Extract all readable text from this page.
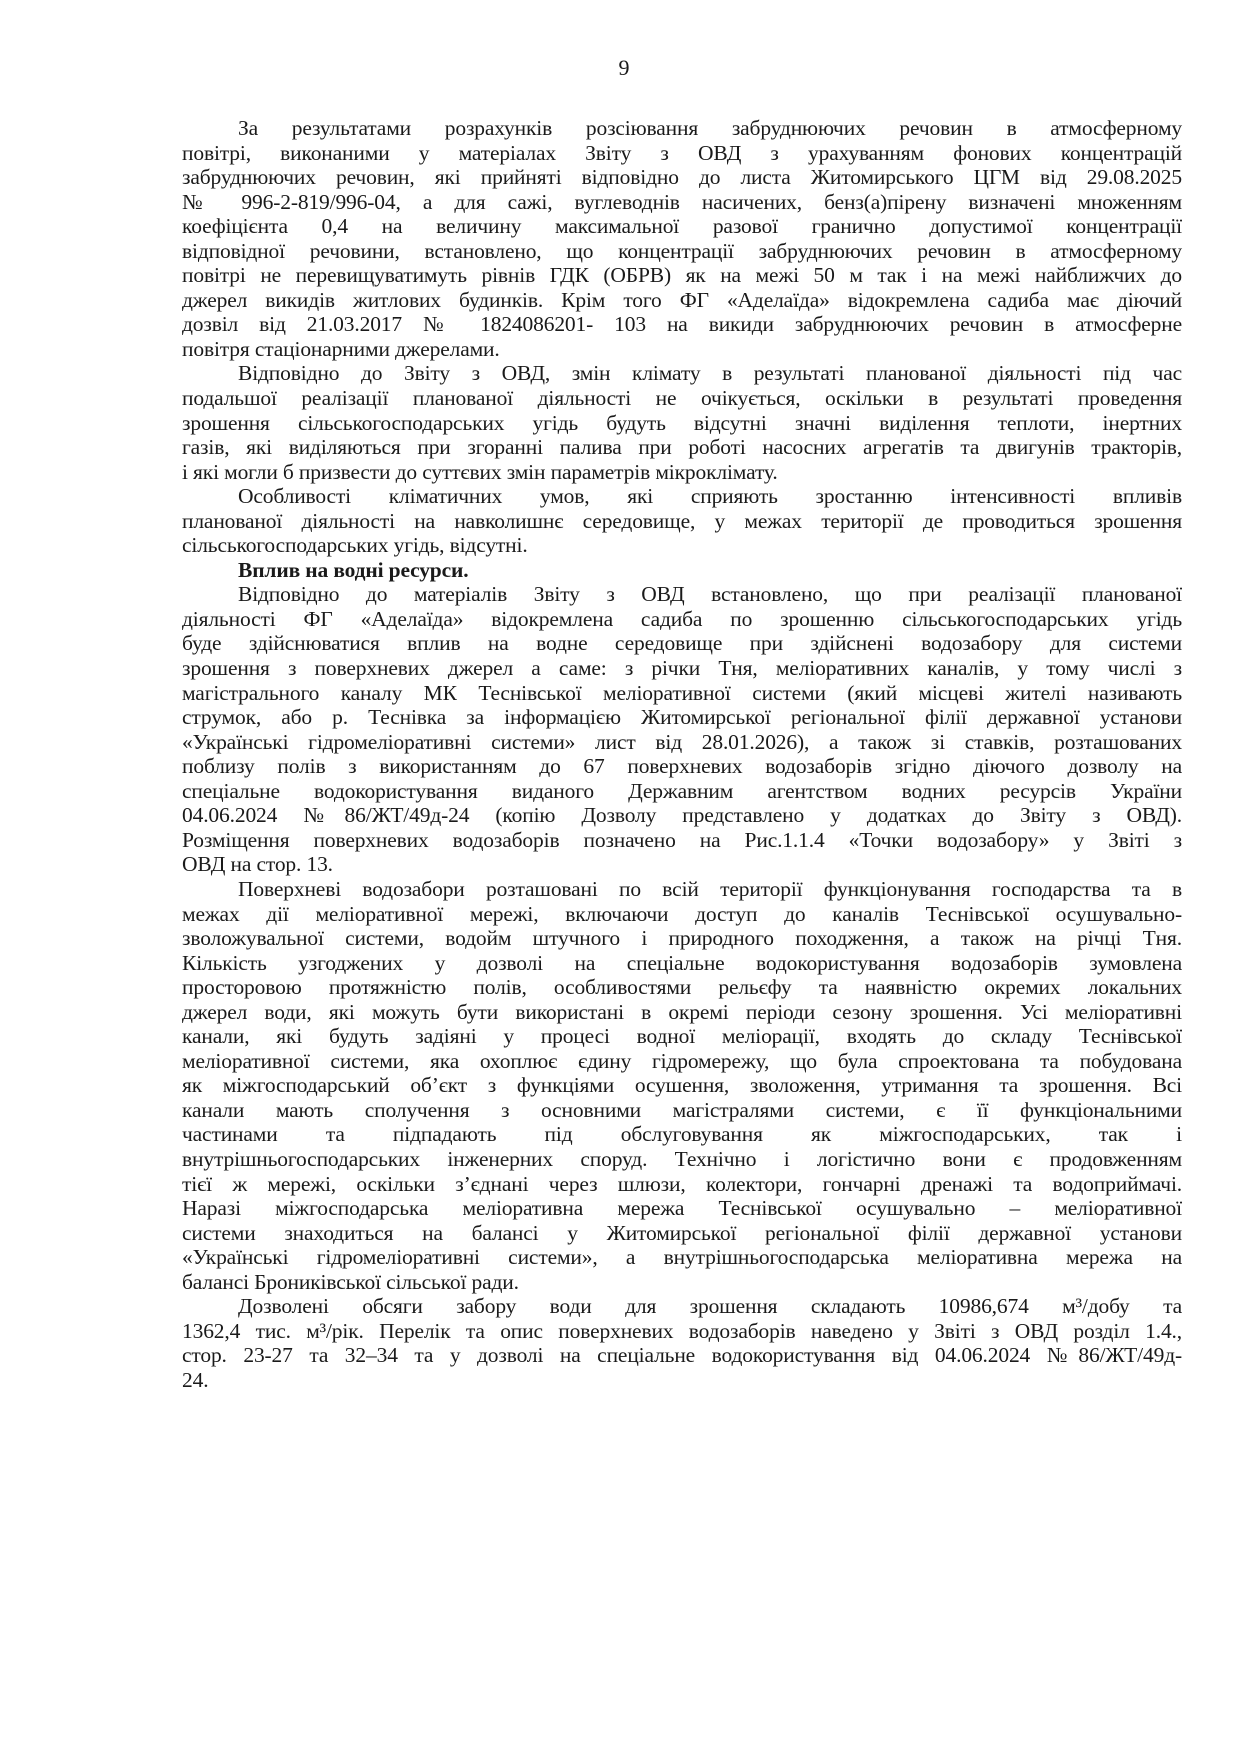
9
За результатами розрахунків розсіювання забруднюючих речовин в атмосферному
повітрі, виконаними у матеріалах Звіту з ОВД з урахуванням фонових концентрацій
забруднюючих речовин, які прийняті відповідно до листа Житомирського ЦГМ від 29.08.2025
№ 996-2-819/996-04, а для сажі, вуглеводнів насичених, бенз(а)пірену визначені множенням
коефіцієнта 0,4 на величину максимальної разової гранично допустимої концентрації
відповідної речовини, встановлено, що концентрації забруднюючих речовин в атмосферному
повітрі не перевищуватимуть рівнів ГДК (ОБРВ) як на межі 50 м так і на межі найближчих до
джерел викидів житлових будинків. Крім того ФГ «Аделаїда» відокремлена садиба має діючий
дозвіл від 21.03.2017 № 1824086201- 103 на викиди забруднюючих речовин в атмосферне
повітря стаціонарними джерелами.
Відповідно до Звіту з ОВД, змін клімату в результаті планованої діяльності під час
подальшої реалізації планованої діяльності не очікується, оскільки в результаті проведення
зрошення сільськогосподарських угідь будуть відсутні значні виділення теплоти, інертних
газів, які виділяються при згоранні палива при роботі насосних агрегатів та двигунів тракторів,
і які могли б призвести до суттєвих змін параметрів мікроклімату.
Особливості кліматичних умов, які сприяють зростанню інтенсивності впливів
планованої діяльності на навколишнє середовище, у межах території де проводиться зрошення
сільськогосподарських угідь, відсутні.
Вплив на водні ресурси.
Відповідно до матеріалів Звіту з ОВД встановлено, що при реалізації планованої
діяльності ФГ «Аделаїда» відокремлена садиба по зрошенню сільськогосподарських угідь
буде здійснюватися вплив на водне середовище при здійснені водозабору для системи
зрошення з поверхневих джерел а саме: з річки Тня, меліоративних каналів, у тому числі з
магістрального каналу МК Теснівської меліоративної системи (який місцеві жителі називають
струмок, або р. Теснівка за інформацією Житомирської регіональної філії державної установи
«Українські гідромеліоративні системи» лист від 28.01.2026), а також зі ставків, розташованих
поблизу полів з використанням до 67 поверхневих водозаборів згідно діючого дозволу на
спеціальне водокористування виданого Державним агентством водних ресурсів України
04.06.2024 №86/ЖТ/49д-24 (копію Дозволу представлено у додатках до Звіту з ОВД).
Розміщення поверхневих водозаборів позначено на Рис.1.1.4 «Точки водозабору» у Звіті з
ОВД на стор. 13.
Поверхневі водозабори розташовані по всій території функціонування господарства та в
межах дії меліоративної мережі, включаючи доступ до каналів Теснівської осушувально-
зволожувальної системи, водойм штучного і природного походження, а також на річці Тня.
Кількість узгоджених у дозволі на спеціальне водокористування водозаборів зумовлена
просторовою протяжністю полів, особливостями рельєфу та наявністю окремих локальних
джерел води, які можуть бути використані в окремі періоди сезону зрошення. Усі меліоративні
канали, які будуть задіяні у процесі водної меліорації, входять до складу Теснівської
меліоративної системи, яка охоплює єдину гідромережу, що була спроектована та побудована
як міжгосподарський об’єкт з функціями осушення, зволоження, утримання та зрошення. Всі
канали мають сполучення з основними магістралями системи, є її функціональними
частинами та підпадають під обслуговування як міжгосподарських, так і
внутрішньогосподарських інженерних споруд. Технічно і логістично вони є продовженням
тієї ж мережі, оскільки з’єднані через шлюзи, колектори, гончарні дренажі та водоприймачі.
Наразі міжгосподарська меліоративна мережа Теснівської осушувально – меліоративної
системи знаходиться на балансі у Житомирської регіональної філії державної установи
«Українські гідромеліоративні системи», а внутрішньогосподарська меліоративна мережа на
балансі Брониківської сільської ради.
Дозволені обсяги забору води для зрошення складають 10986,674 м³/добу та
1362,4 тис. м³/рік. Перелік та опис поверхневих водозаборів наведено у Звіті з ОВД розділ 1.4.,
стор. 23-27 та 32–34 та у дозволі на спеціальне водокористування від 04.06.2024 №86/ЖТ/49д-
24.
